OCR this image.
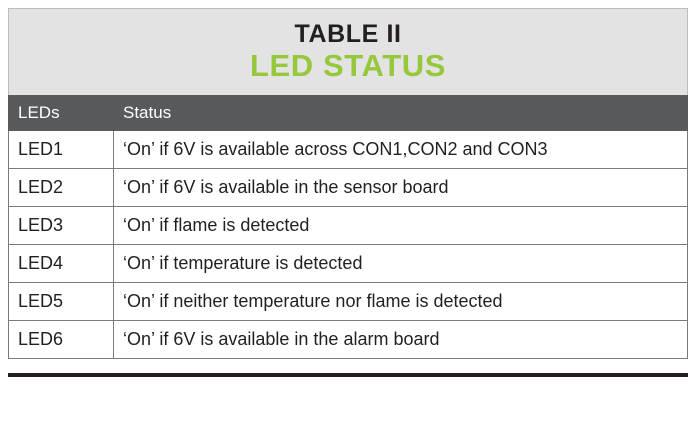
TABLE II
LED STATUS
LEDs	Status
LED1	‘On’ if 6V is available across CON1,CON2 and CON3
LED2	‘On’ if 6V is available in the sensor board
LED3	‘On’ if flame is detected
LED4	‘On’ if temperature is detected
LED5	‘On’ if neither temperature nor flame is detected
LED6	‘On’ if 6V is available in the alarm board
